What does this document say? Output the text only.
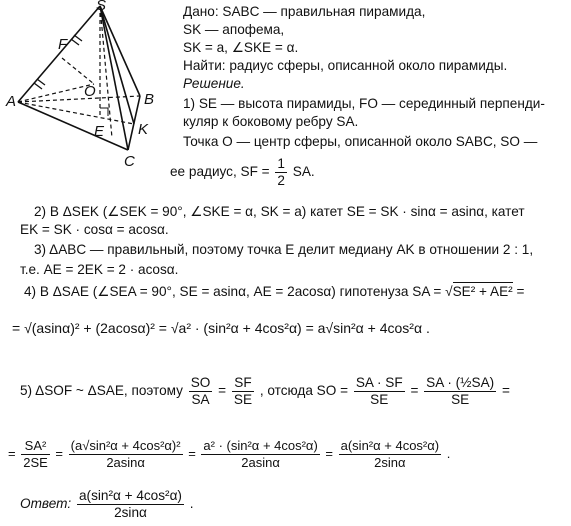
S
F
O
A	B
E K
C
Дано: SABC — правильная пирамида,
SK — апофема,
SK = a, ∠SKE = α.
Найти: радиус сферы, описанной около пирамиды.
Решение.
1) SE — высота пирамиды, FO — серединный перпенди-
куляр к боковому ребру SA.
Точка O — центр сферы, описанной около SABC, SO —
ее радиус, SF = $\frac{1}{2}$ SA.
2) В ΔSEK (∠SEK = 90°, ∠SKE = α, SK = a) катет SE = SK · sinα = asinα, катет
EK = SK · cosα = acosα.
3) ΔABC — правильный, поэтому точка E делит медиану AK в отношении 2 : 1,
т.е. AE = 2EK = 2 · acosα.
4) В ΔSAE (∠SEA = 90°, SE = asinα, AE = 2acosα) гипотенуза SA = √SE² + AE² =
= √(asinα)² + (2acosα)² = √a² · (sin²α + 4cos²α) = a√sin²α + 4cos²α .
5) ΔSOF ~ ΔSAE, поэтому $\frac{SO}{SA} = \frac{SF}{SE}$ , отсюда SO = $\frac{SA \cdot SF}{SE} = \frac{\text{SA · (½SA)}}{SE}$ =
= $\frac{\text{SA²}}{2SE} = \frac{\text{(a√sin²α + 4cos²α)²}}{2asin\alpha} = \frac{\text{a² · (sin²α + 4cos²α)}}{2asin\alpha} = \frac{\text{a(sin²α + 4cos²α)}}{2\sin\alpha}$ .
Ответ: $\frac{\text{a(sin²α + 4cos²α)}}{2\sin\alpha}$ .
